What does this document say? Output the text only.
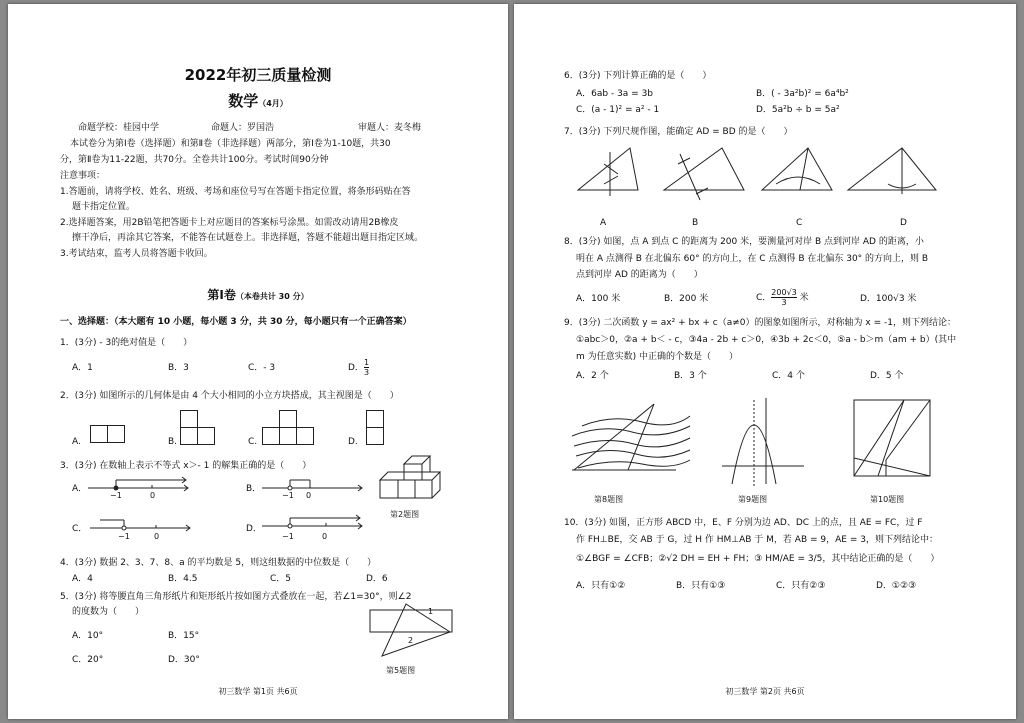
2022年初三质量检测
数学（4月）
命题学校：桂园中学	命题人：罗国浩	审题人：麦冬梅
本试卷分为第Ⅰ卷（选择题）和第Ⅱ卷（非选择题）两部分，第Ⅰ卷为1-10题，共30
分，第Ⅱ卷为11-22题，共70分。全卷共计100分。考试时间90分钟
注意事项：
1.答题前，请将学校、姓名、班级、考场和座位号写在答题卡指定位置，将条形码贴在答
题卡指定位置。
2.选择题答案，用2B铅笔把答题卡上对应题目的答案标号涂黑。如需改动请用2B橡皮
擦干净后，再涂其它答案，不能答在试题卷上。非选择题，答题不能超出题目指定区域。
3.考试结束，监考人员将答题卡收回。
第Ⅰ卷（本卷共计 30 分）
一、选择题：（本大题有 10 小题，每小题 3 分，共 30 分，每小题只有一个正确答案）
1．(3分) - 3的绝对值是（　　）
A．1	B．3	C．- 3	D． $\frac{1}{3}$
2．(3分) 如图所示的几何体是由 4 个大小相同的小立方块搭成，其主视图是（　　）
A.	B.	C.	D.
3．(3分) 在数轴上表示不等式 x＞- 1 的解集正确的是（　　）
A．
−1	0
B．
−1 0
C．
−1	0
D．
−1	0
第2题图
4．(3分) 数据 2、3、7、8、a 的平均数是 5，则这组数据的中位数是（　　）
A．4	B．4.5	C．5	D．6
5．(3分) 将等腰直角三角形纸片和矩形纸片按如图方式叠放在一起，若∠1=30°，则∠2
的度数为（　　）
A．10°	B．15°
C．20°	D．30°
1
2
第5题图
初三数学 第1页 共6页
6．(3分) 下列计算正确的是（　　）
A．6ab - 3a = 3b	B．( - 3a²b)² = 6a⁴b²
C．(a - 1)² = a² - 1	D．5a²b ÷ b = 5a²
7．(3分) 下列尺规作图，能确定 AD = BD 的是（　　）
A	B	C	D
8．(3分) 如图，点 A 到点 C 的距离为 200 米，要测量河对岸 B 点到河岸 AD 的距离，小
明在 A 点测得 B 在北偏东 60° 的方向上，在 C 点测得 B 在北偏东 30° 的方向上，则 B
点到河岸 AD 的距离为（　　）
A．100 米	B．200 米	C． $\frac{200√3}{3}$ 米	D．100√3 米
9．(3分) 二次函数 y = ax² + bx + c（a≠0）的图象如图所示，对称轴为 x = -1，则下列结论：
①abc＞0，②a + b＜ - c，③4a - 2b + c＞0，④3b + 2c＜0，⑤a - b＞m（am + b）(其中
m 为任意实数) 中正确的个数是（　　）
A．2 个	B．3 个	C．4 个	D．5 个
第8题图	第9题图	第10题图
10．(3分) 如图，正方形 ABCD 中，E、F 分别为边 AD、DC 上的点，且 AE = FC，过 F
作 FH⊥BE，交 AB 于 G，过 H 作 HM⊥AB 于 M，若 AB = 9，AE = 3，则下列结论中：
①∠BGF = ∠CFB；②√2 DH = EH + FH；③ HM/AE = 3/5，其中结论正确的是（　　）
A．只有①②	B．只有①③	C．只有②③	D．①②③
初三数学 第2页 共6页
